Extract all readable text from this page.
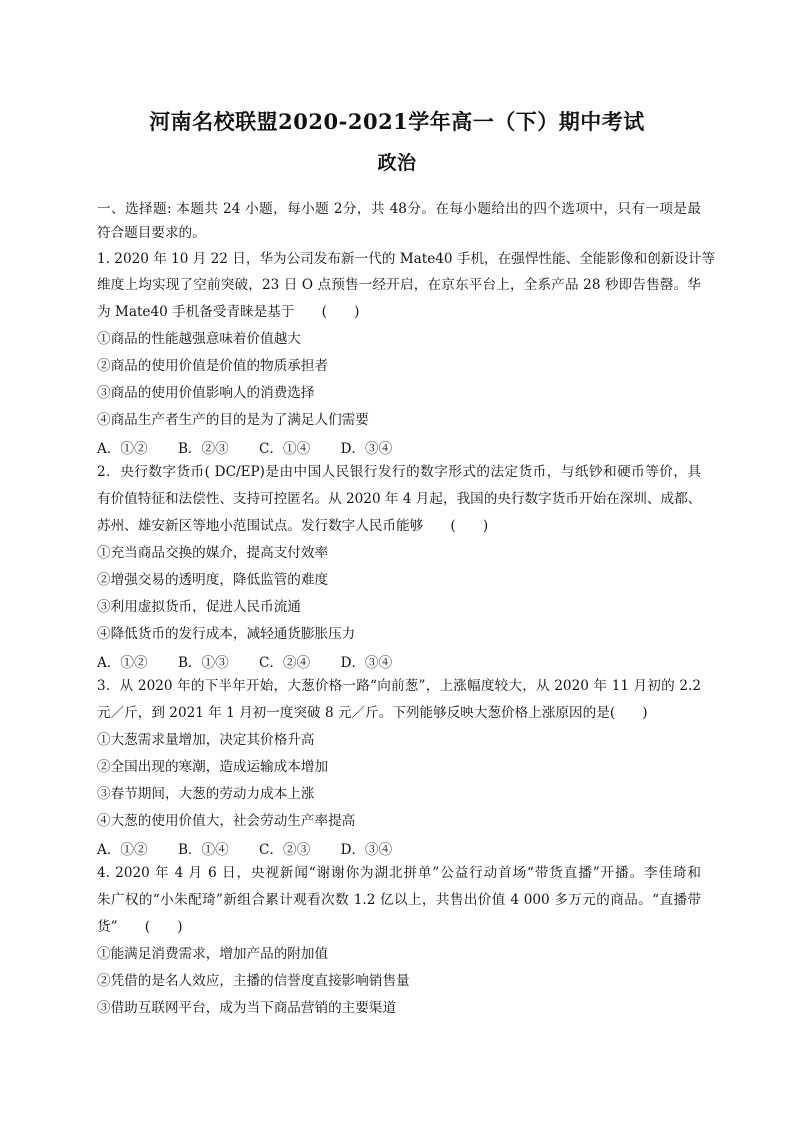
河南名校联盟2020-2021学年高一（下）期中考试
政治
一、选择题: 本题共 24 小题，每小题 2分，共 48分。在每小题给出的四个选项中，只有一项是最
符合题目要求的。
1. 2020 年 10 月 22 日，华为公司发布新一代的 Mate40 手机，在强悍性能、全能影像和创新设计等
维度上均实现了空前突破，23 日 O 点预售一经开启，在京东平台上，全系产品 28 秒即告售罄。华
为 Mate40 手机备受青睐是基于　　(　　)
①商品的性能越强意味着价值越大
②商品的使用价值是价值的物质承担者
③商品的使用价值影响人的消费选择
④商品生产者生产的目的是为了满足人们需要
A．①② B．②③ C．①④ D．③④
2．央行数字货币( DC/EP)是由中国人民银行发行的数字形式的法定货币，与纸钞和硬币等价，具
有价值特征和法偿性、支持可控匿名。从 2020 年 4 月起，我国的央行数字货币开始在深圳、成都、
苏州、雄安新区等地小范围试点。发行数字人民币能够　　(　　)
①充当商品交换的媒介，提高支付效率
②增强交易的透明度，降低监管的难度
③利用虚拟货币，促进人民币流通
④降低货币的发行成本，减轻通货膨胀压力
A．①② B．①③ C．②④ D．③④
3．从 2020 年的下半年开始，大葱价格一路“向前葱”，上涨幅度较大，从 2020 年 11 月初的 2.2
元／斤，到 2021 年 1 月初一度突破 8 元／斤。下列能够反映大葱价格上涨原因的是(　　)
①大葱需求量增加，决定其价格升高
②全国出现的寒潮，造成运输成本增加
③春节期间，大葱的劳动力成本上涨
④大葱的使用价值大，社会劳动生产率提高
A．①② B．①④ C．②③ D．③④
4. 2020 年 4 月 6 日，央视新闻“谢谢你为湖北拼单”公益行动首场“带货直播”开播。李佳琦和
朱广权的“小朱配琦”新组合累计观看次数 1.2 亿以上，共售出价值 4 000 多万元的商品。“直播带
货”　　(　　)
①能满足消费需求，增加产品的附加值
②凭借的是名人效应，主播的信誉度直接影响销售量
③借助互联网平台，成为当下商品营销的主要渠道
